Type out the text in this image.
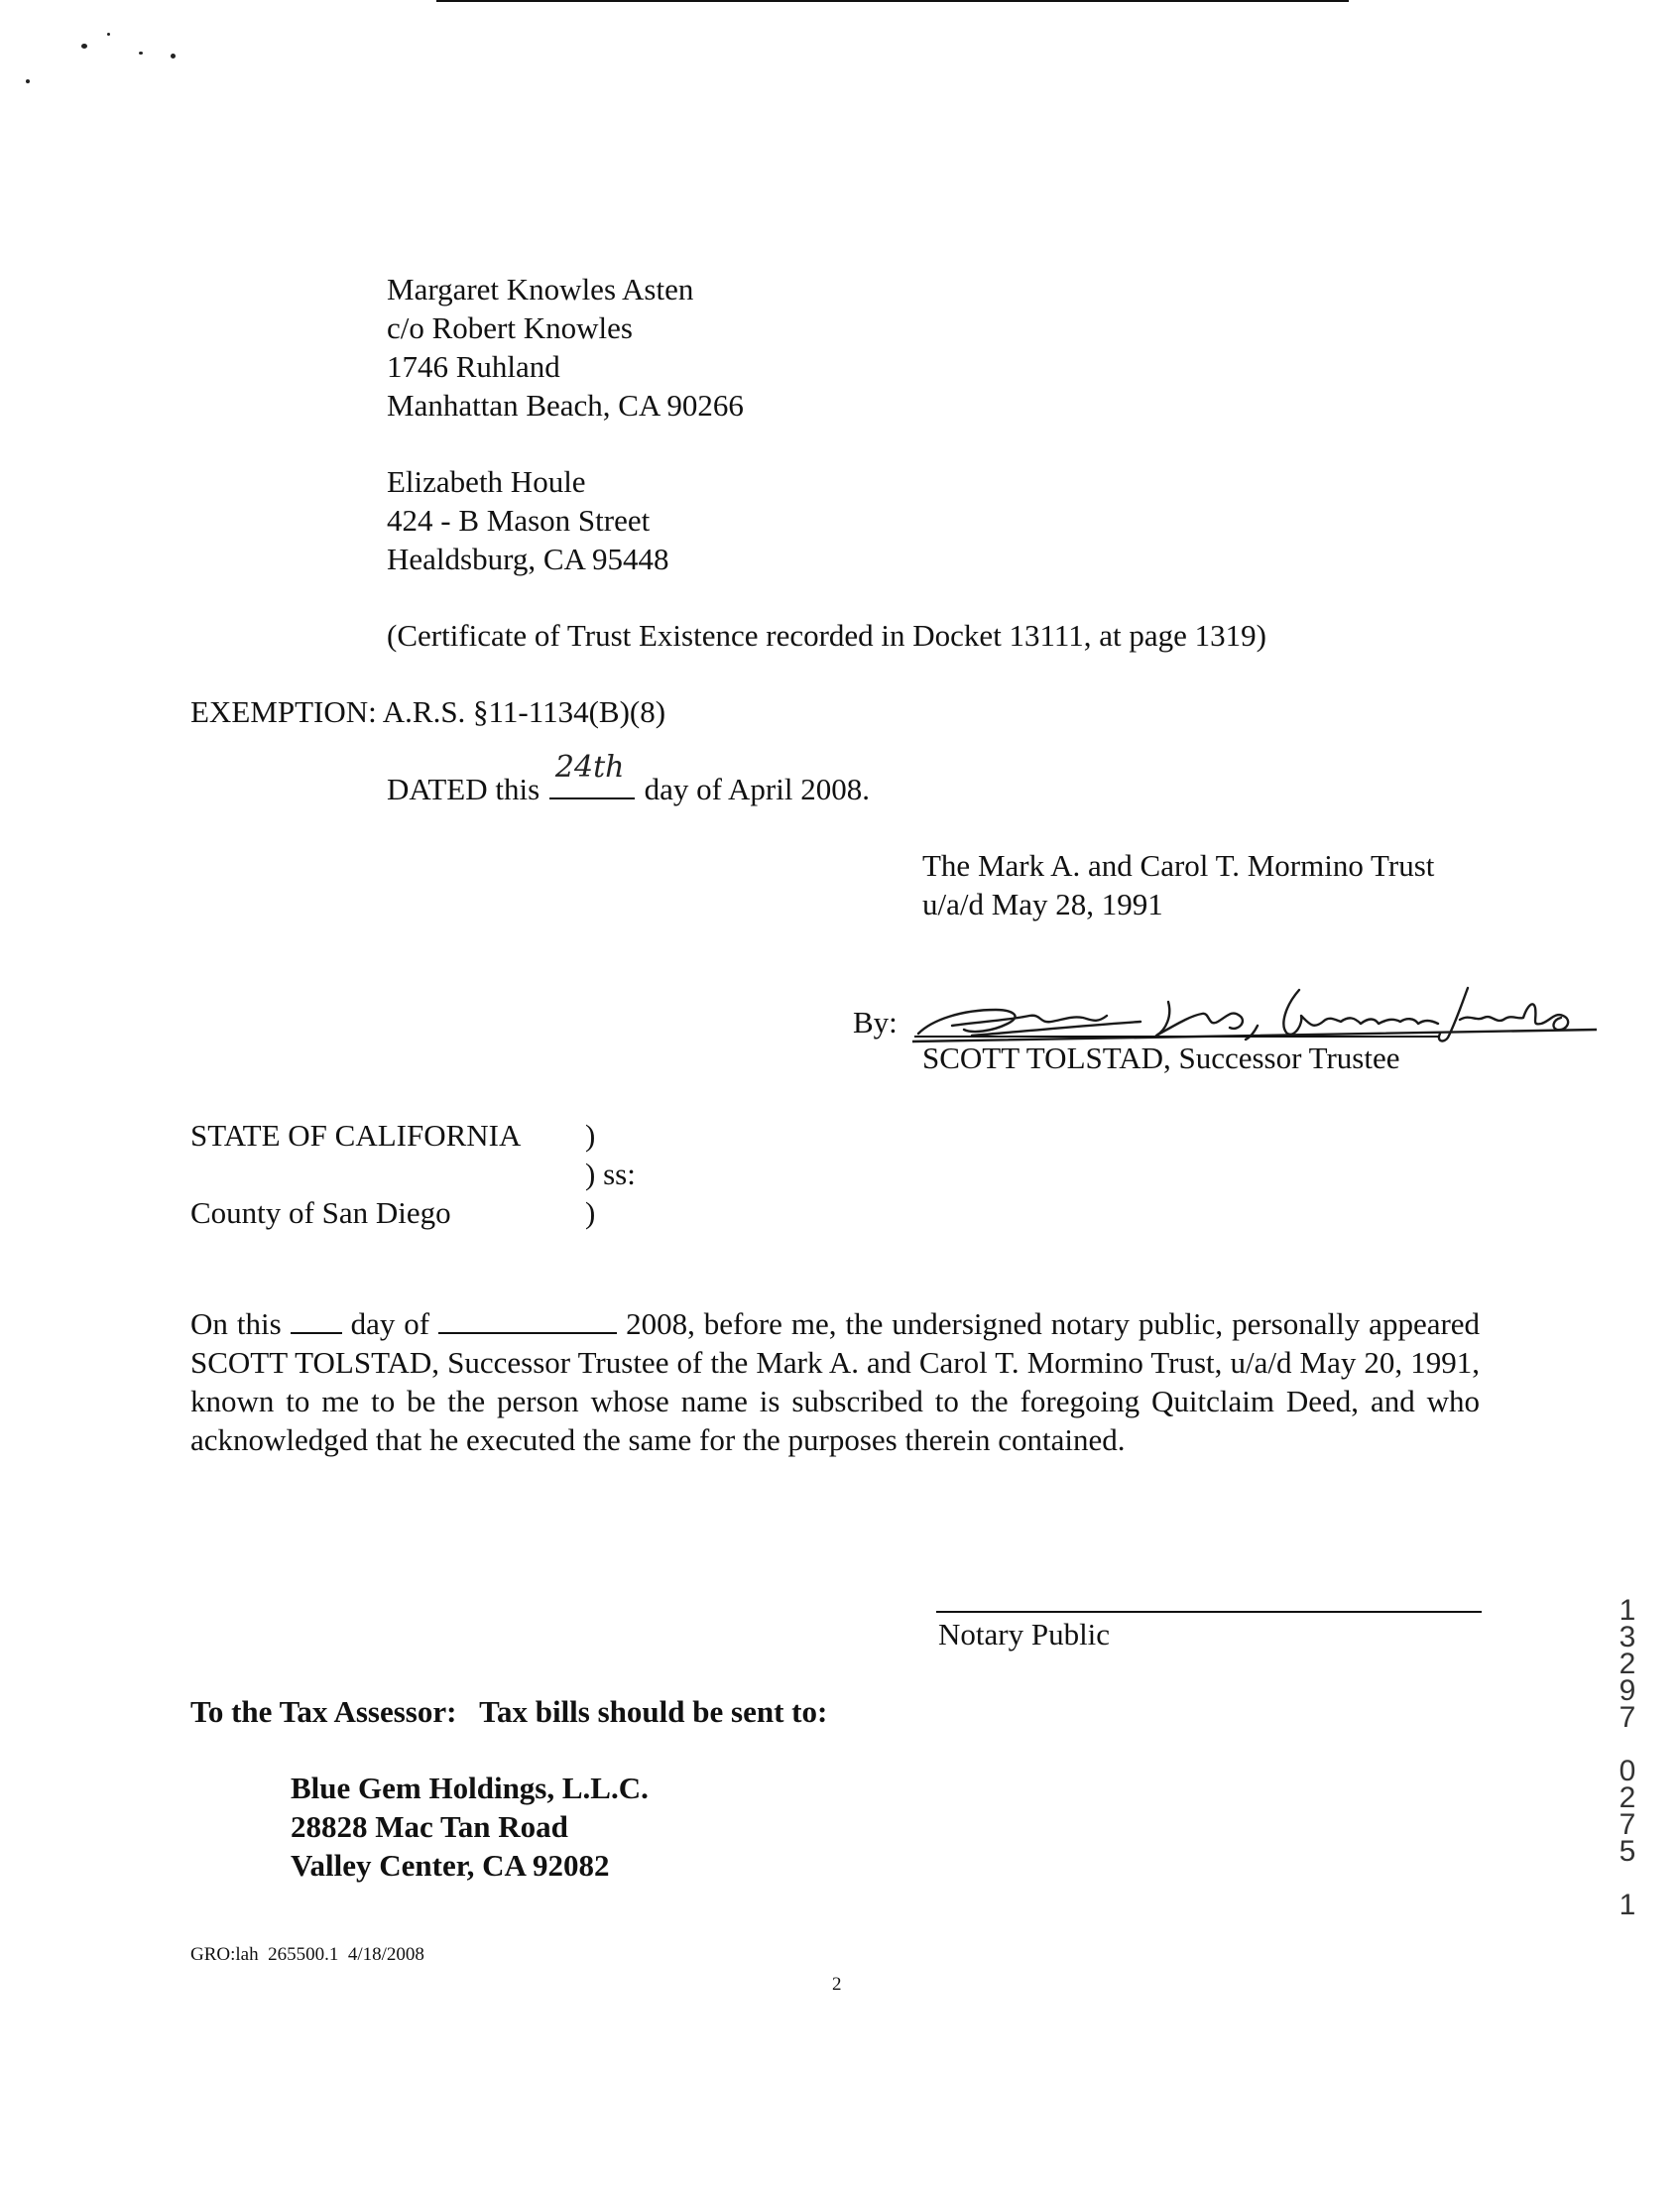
Margaret Knowles Asten
c/o Robert Knowles
1746 Ruhland
Manhattan Beach, CA 90266
Elizabeth Houle
424 - B Mason Street
Healdsburg, CA 95448
(Certificate of Trust Existence recorded in Docket 13111, at page 1319)
EXEMPTION: A.R.S. §11-1134(B)(8)
DATED this
24th
day of April 2008.
The Mark A. and Carol T. Mormino Trust
u/a/d May 28, 1991
By:
SCOTT TOLSTAD, Successor Trustee
STATE OF CALIFORNIA )
) ss:
County of San Diego	)
On this day of	2008, before me, the undersigned notary public, personally appeared SCOTT TOLSTAD, Successor Trustee of the Mark A. and Carol T. Mormino Trust, u/a/d May 20, 1991, known to me to be the person whose name is subscribed to the foregoing Quitclaim Deed, and who acknowledged that he executed the same for the purposes therein contained.
Notary Public
To the Tax Assessor:   Tax bills should be sent to:
Blue Gem Holdings, L.L.C.
28828 Mac Tan Road
Valley Center, CA 92082
GRO:lah  265500.1  4/18/2008
2
1
3
2
9
7

0
2
7
5

1
